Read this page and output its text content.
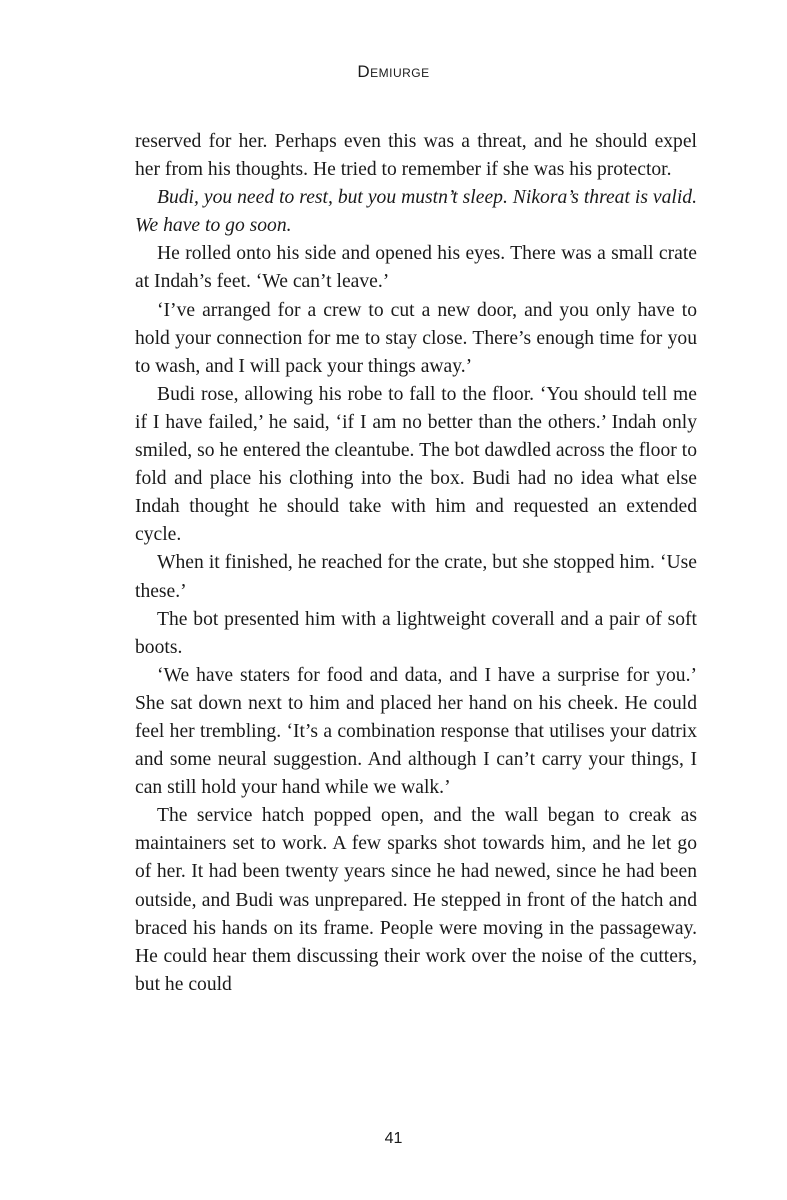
Demiurge

reserved for her. Perhaps even this was a threat, and he should expel her from his thoughts. He tried to remember if she was his protector.

Budi, you need to rest, but you mustn’t sleep. Nikora’s threat is valid. We have to go soon.

He rolled onto his side and opened his eyes. There was a small crate at Indah’s feet. ‘We can’t leave.’

‘I’ve arranged for a crew to cut a new door, and you only have to hold your connection for me to stay close. There’s enough time for you to wash, and I will pack your things away.’

Budi rose, allowing his robe to fall to the floor. ‘You should tell me if I have failed,’ he said, ‘if I am no better than the others.’ Indah only smiled, so he entered the cleantube. The bot dawdled across the floor to fold and place his clothing into the box. Budi had no idea what else Indah thought he should take with him and requested an extended cycle.

When it finished, he reached for the crate, but she stopped him. ‘Use these.’

The bot presented him with a lightweight coverall and a pair of soft boots.

‘We have staters for food and data, and I have a surprise for you.’ She sat down next to him and placed her hand on his cheek. He could feel her trembling. ‘It’s a combination response that utilises your datrix and some neural suggestion. And although I can’t carry your things, I can still hold your hand while we walk.’

The service hatch popped open, and the wall began to creak as maintainers set to work. A few sparks shot towards him, and he let go of her. It had been twenty years since he had newed, since he had been outside, and Budi was unprepared. He stepped in front of the hatch and braced his hands on its frame. People were moving in the passageway. He could hear them discussing their work over the noise of the cutters, but he could

41
